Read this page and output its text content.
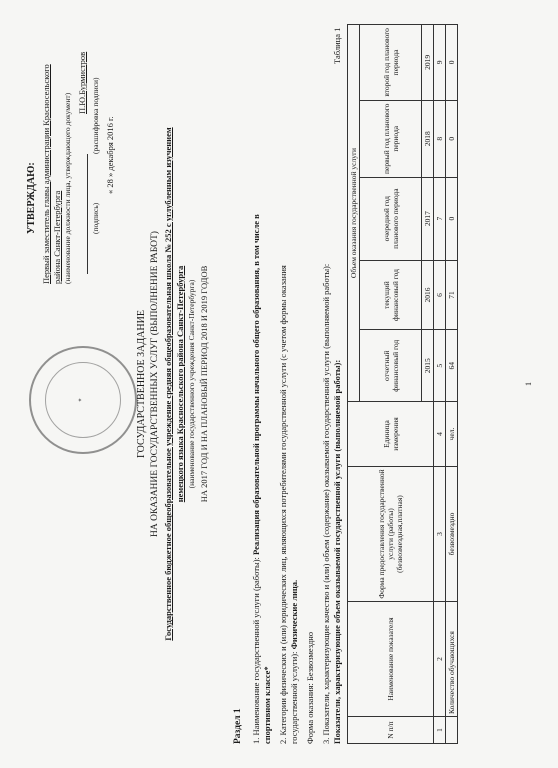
УТВЕРЖДАЮ: Первый заместитель главы администрации Красносельского района Санкт-Петербурга (наименование должности лица, утверждающего документ)
П.Ю.Бурмистров
(подпись)
(расшифровка подписи)
« 28 » декабря 2016 г.
✦	ГОСУДАРСТВЕННОЕ ЗАДАНИЕ НА ОКАЗАНИЕ ГОСУДАРСТВЕННЫХ УСЛУГ (ВЫПОЛНЕНИЕ РАБОТ) Государственное бюджетное общеобразовательное учреждение средняя общеобразовательная школа № 252 с углубленным изучением немецкого языка Красносельского района Санкт-Петербурга (наименование государственного учреждения Санкт-Петербурга) НА 2017 ГОД И НА ПЛАНОВЫЙ ПЕРИОД 2018 И 2019 ГОДОВ
Раздел 1 1. Наименование государственной услуги (работы): Реализация образовательной программы начального общего образования, в том числе в
спортивном классе* 2. Категории физических и (или) юридических лиц, являющихся потребителями государственной услуги (с учетом формы оказания государственной услуги): Физические лица.
Форма оказания: Безвозмездно 3. Показатели, характеризующие качество и (или) объем (содержание) оказываемой государственной услуги (выполняемой работы): Показатели, характеризующие объем оказываемой государственной услуги (выполняемой работы):
Таблица 1
N п/п	Наименование показателя	Форма предоставления государственной услуги (работы) (безвозмездная,платная)	Единица измерения	Объем оказания государственной услуги				
				отчетный финансовый год	текущий финансовый год	очередной год планового периода	первый год планового периода	второй год планового периода
				2015	2016	2017	2018	2019
1	2	3	4	5	6	7	8	9
	Количество обучающихся	безвозмездно	чел.	64	71	0	0	0
1
